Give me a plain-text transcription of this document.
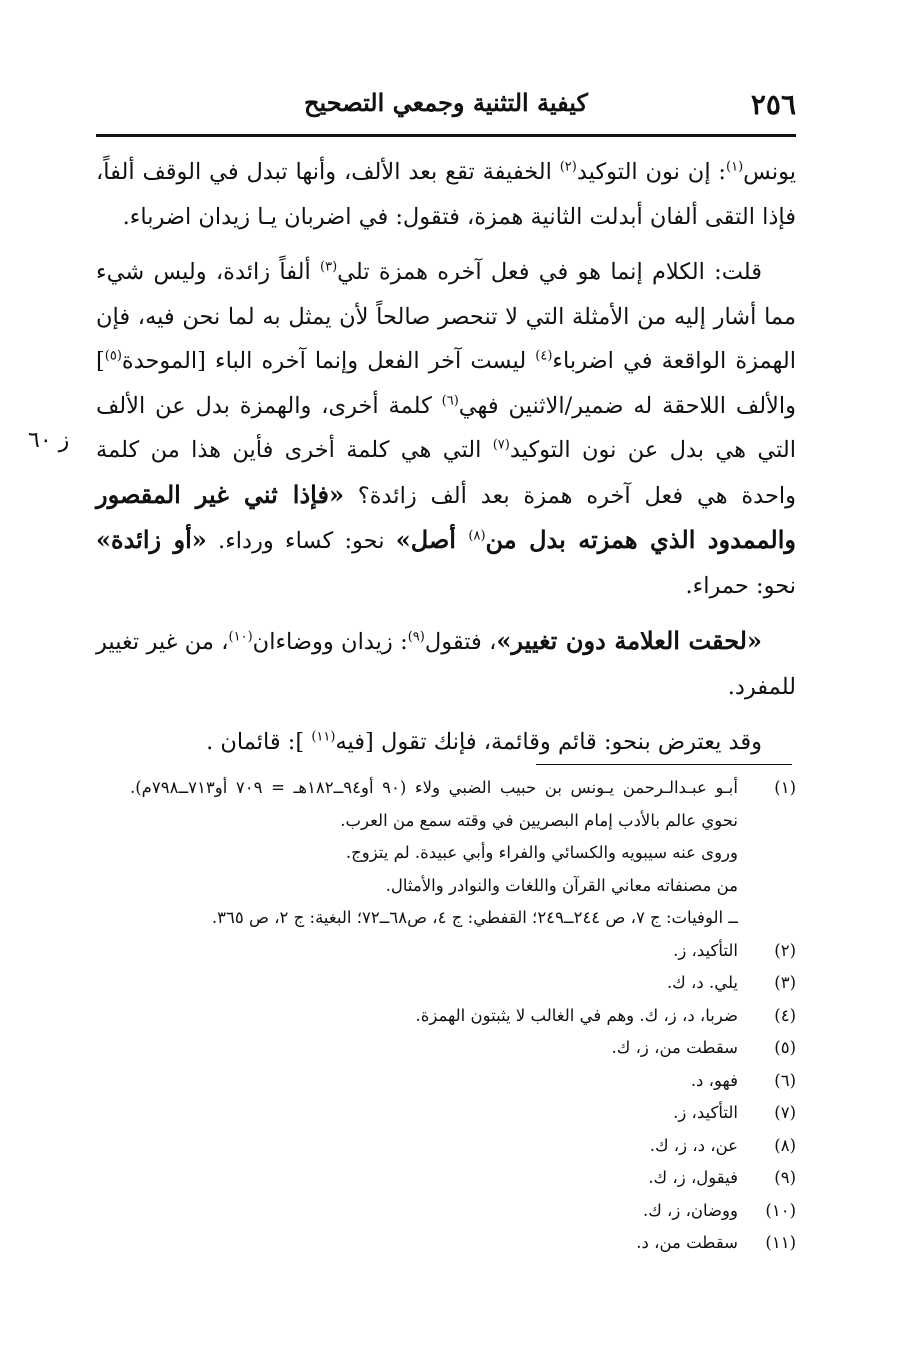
٢٥٦
كيفية التثنية وجمعي التصحيح
ز ٦٠

يونس$^{(١)}$: إن نون التوكيد$^{(٢)}$ الخفيفة تقع بعد الألف، وأنها تبدل في الوقف ألفاً، فإذا التقى ألفان أبدلت الثانية همزة، فتقول: في اضربان يـا زيدان اضرباء.

قلت: الكلام إنما هو في فعل آخره همزة تلي$^{(٣)}$ ألفاً زائدة، وليس شيء مما أشار إليه من الأمثلة التي لا تنحصر صالحاً لأن يمثل به لما نحن فيه، فإن الهمزة الواقعة في اضرباء$^{(٤)}$ ليست آخر الفعل وإنما آخره الباء [الموحدة$^{(٥)}$] والألف اللاحقة له ضمير/الاثنين فهي$^{(٦)}$ كلمة أخرى، والهمزة بدل عن الألف التي هي بدل عن نون التوكيد$^{(٧)}$ التي هي كلمة أخرى فأين هذا من كلمة واحدة هي فعل آخره همزة بعد ألف زائدة؟ «فإذا ثني غير المقصور والممدود الذي همزته بدل من$^{(٨)}$ أصل» نحو: كساء ورداء. «أو زائدة» نحو: حمراء.

«لحقت العلامة دون تغيير»، فتقول$^{(٩)}$: زيدان ووضاءان$^{(١٠)}$، من غير تغيير للمفرد.

وقد يعترض بنحو: قائم وقائمة، فإنك تقول [فيه$^{(١١)}$ ]: قائمان .

(١)
أبـو عبـدالـرحمن يـونس بن حبيب الضبي ولاء (٩٠ أو٩٤ــ١٨٢هـ = ٧٠٩ أو٧١٣ــ٧٩٨م). نحوي عالم بالأدب إمام البصريين في وقته سمع من العرب.
وروى عنه سيبويه والكسائي والفراء وأبي عبيدة. لم يتزوج.
من مصنفاته معاني القرآن واللغات والنوادر والأمثال.
ــ الوفيات: ج ٧، ص ٢٤٤ــ٢٤٩؛ القفطي: ج ٤، ص٦٨ــ٧٢؛ البغية: ج ٢، ص ٣٦٥.
(٢)
التأكيد، ز.
(٣)
يلي. د، ك.
(٤)
ضربا، د، ز، ك. وهم في الغالب لا يثبتون الهمزة.
(٥)
سقطت من، ز، ك.
(٦)
فهو، د.
(٧)
التأكيد، ز.
(٨)
عن، د، ز، ك.
(٩)
فيقول، ز، ك.
(١٠)
ووضان، ز، ك.
(١١)
سقطت من، د.
